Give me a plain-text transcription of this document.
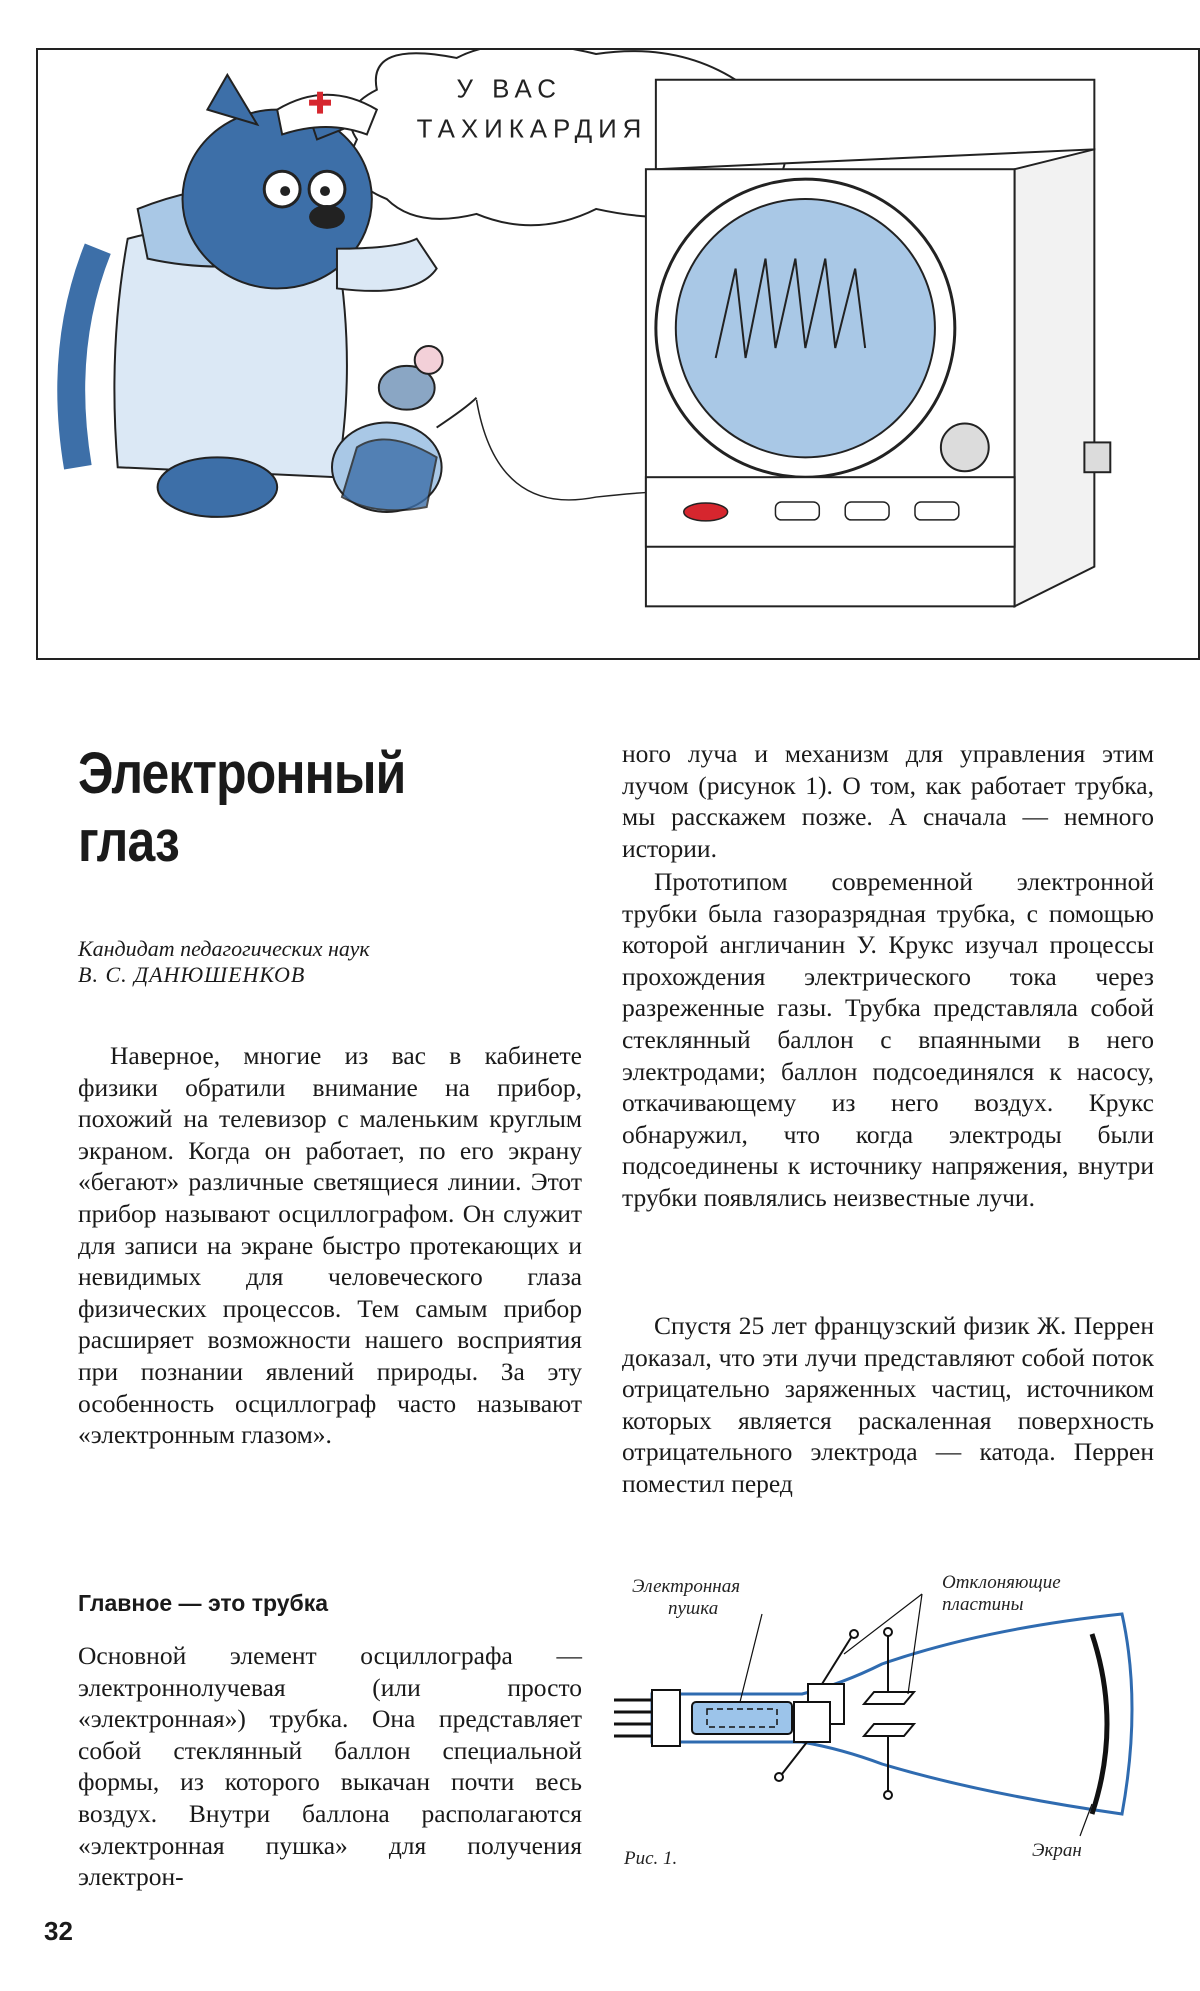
У ВАС
ТАХИКАРДИЯ
Электронный
глаз
Кандидат педагогических наук
В. С. ДАНЮШЕНКОВ

Наверное, многие из вас в кабинете физики обратили внимание на прибор, похожий на телевизор с маленьким круглым экраном. Когда он работает, по его экрану «бегают» различные светящиеся линии. Этот прибор называют осциллографом. Он служит для записи на экране быстро протекающих и невидимых для человеческого глаза физических процессов. Тем самым прибор расширяет возможности нашего восприятия при познании явлений природы. За эту особенность осциллограф часто называют «электронным глазом».

Главное — это трубка

Основной элемент осциллографа — электроннолучевая (или просто «электронная») трубка. Она представляет собой стеклянный баллон специальной формы, из которого выкачан почти весь воздух. Внутри баллона располагаются «электронная пушка» для получения электрон-

ного луча и механизм для управления этим лучом (рисунок 1). О том, как работает трубка, мы расскажем позже. А сначала — немного истории.

Прототипом современной электронной трубки была газоразрядная трубка, с помощью которой англичанин У. Крукс изучал процессы прохождения электрического тока через разреженные газы. Трубка представляла собой стеклянный баллон с впаянными в него электродами; баллон подсоединялся к насосу, откачивающему из него воздух. Крукс обнаружил, что когда электроды были подсоединены к источнику напряжения, внутри трубки появлялись неизвестные лучи.

Спустя 25 лет французский физик Ж. Перрен доказал, что эти лучи представляют собой поток отрицательно заряженных частиц, источником которых является раскаленная поверхность отрицательного электрода — катода. Перрен поместил перед

Электронная
пушка
Отклоняющие
пластины
Экран
Рис. 1.
32
